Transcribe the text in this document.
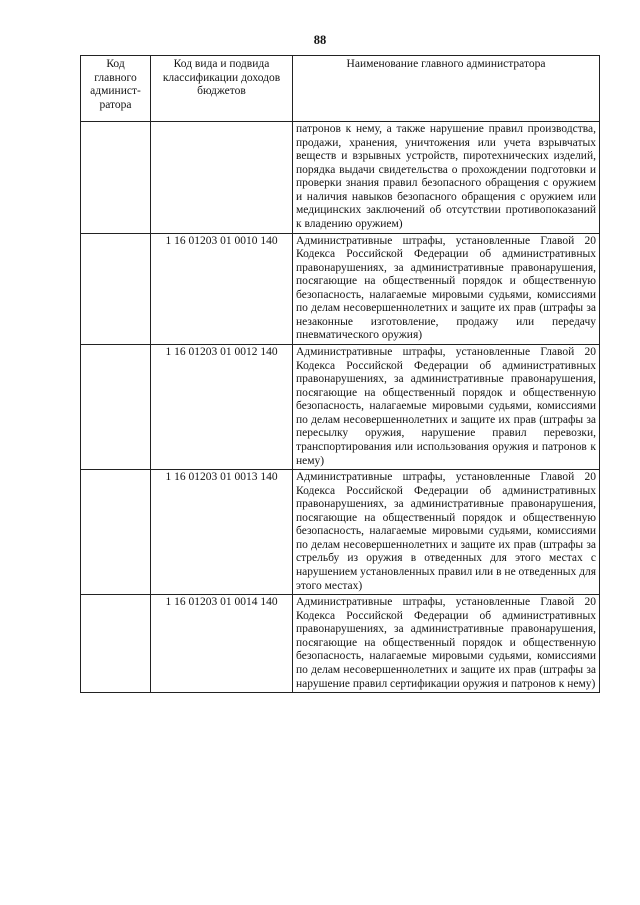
88
Код главного админист-ратора	Код вида и подвида классификации доходов бюджетов	Наименование главного администратора
		патронов к нему, а также нарушение правил производства, продажи, хранения, уничтожения или учета взрывчатых веществ и взрывных устройств, пиротехнических изделий, порядка выдачи свидетельства о прохождении подготовки и проверки знания правил безопасного обращения с оружием и наличия навыков безопасного обращения с оружием или медицинских заключений об отсутствии противопоказаний к владению оружием)
	1 16 01203 01 0010 140	Административные штрафы, установленные Главой 20 Кодекса Российской Федерации об административных правонарушениях, за административные правонарушения, посягающие на общественный порядок и общественную безопасность, налагаемые мировыми судьями, комиссиями по делам несовершеннолетних и защите их прав (штрафы за незаконные изготовление, продажу или передачу пневматического оружия)
	1 16 01203 01 0012 140	Административные штрафы, установленные Главой 20 Кодекса Российской Федерации об административных правонарушениях, за административные правонарушения, посягающие на общественный порядок и общественную безопасность, налагаемые мировыми судьями, комиссиями по делам несовершеннолетних и защите их прав (штрафы за пересылку оружия, нарушение правил перевозки, транспортирования или использования оружия и патронов к нему)
	1 16 01203 01 0013 140	Административные штрафы, установленные Главой 20 Кодекса Российской Федерации об административных правонарушениях, за административные правонарушения, посягающие на общественный порядок и общественную безопасность, налагаемые мировыми судьями, комиссиями по делам несовершеннолетних и защите их прав (штрафы за стрельбу из оружия в отведенных для этого местах с нарушением установленных правил или в не отведенных для этого местах)
	1 16 01203 01 0014 140	Административные штрафы, установленные Главой 20 Кодекса Российской Федерации об административных правонарушениях, за административные правонарушения, посягающие на общественный порядок и общественную безопасность, налагаемые мировыми судьями, комиссиями по делам несовершеннолетних и защите их прав (штрафы за нарушение правил сертификации оружия и патронов к нему)
